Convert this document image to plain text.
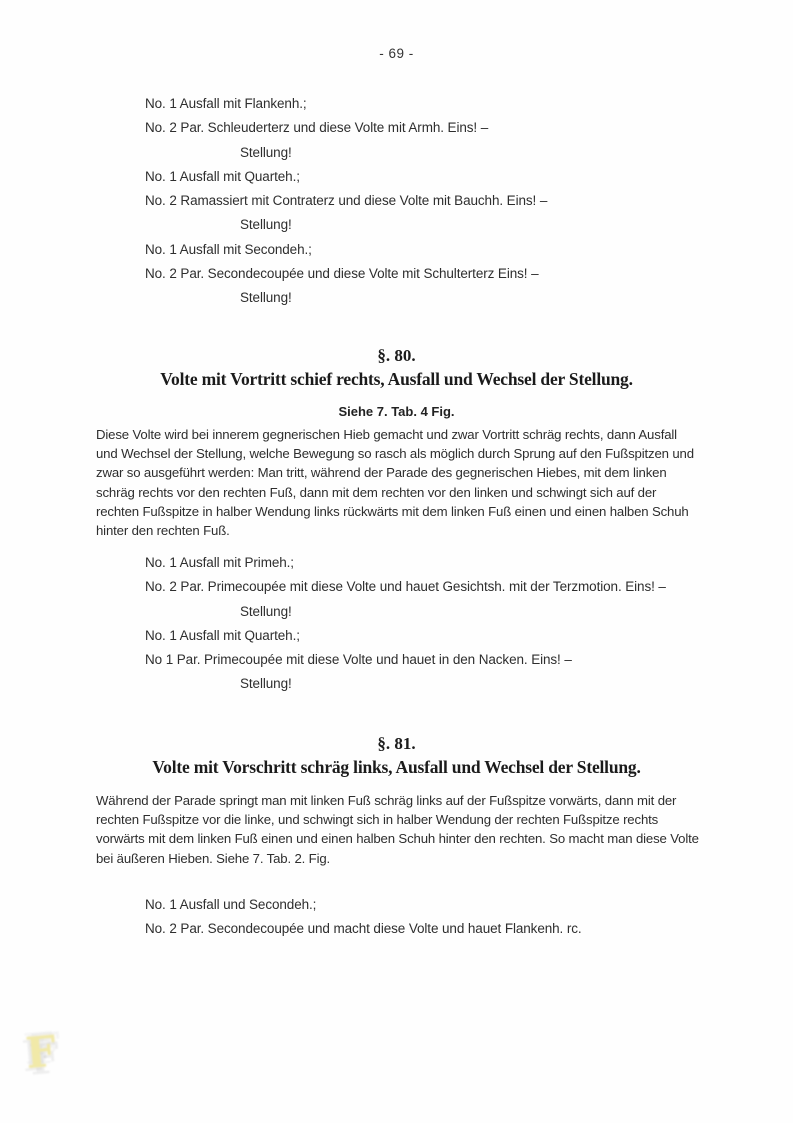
- 69 -
No. 1 Ausfall mit Flankenh.;
No. 2 Par. Schleuderterz und diese Volte mit Armh. Eins! –
Stellung!
No. 1 Ausfall mit Quarteh.;
No. 2 Ramassiert mit Contraterz und diese Volte mit Bauchh. Eins! –
Stellung!
No. 1 Ausfall mit Secondeh.;
No. 2 Par. Secondecoupée und diese Volte mit Schulterterz Eins! –
Stellung!
§. 80.
Volte mit Vortritt schief rechts, Ausfall und Wechsel der Stellung.
Siehe 7. Tab. 4 Fig.
Diese Volte wird bei innerem gegnerischen Hieb gemacht und zwar Vortritt schräg rechts, dann Ausfall und Wechsel der Stellung, welche Bewegung so rasch als möglich durch Sprung auf den Fußspitzen und zwar so ausgeführt werden: Man tritt, während der Parade des gegnerischen Hiebes, mit dem linken schräg rechts vor den rechten Fuß, dann mit dem rechten vor den linken und schwingt sich auf der rechten Fußspitze in halber Wendung links rückwärts mit dem linken Fuß einen und einen halben Schuh hinter den rechten Fuß.
No. 1 Ausfall mit Primeh.;
No. 2 Par. Primecoupée mit diese Volte und hauet Gesichtsh. mit der Terzmotion. Eins! –
Stellung!
No. 1 Ausfall mit Quarteh.;
No 1 Par. Primecoupée mit diese Volte und hauet in den Nacken. Eins! –
Stellung!
§. 81.
Volte mit Vorschritt schräg links, Ausfall und Wechsel der Stellung.
Während der Parade springt man mit linken Fuß schräg links auf der Fußspitze vorwärts, dann mit der rechten Fußspitze vor die linke, und schwingt sich in halber Wendung der rechten Fußspitze rechts vorwärts mit dem linken Fuß einen und einen halben Schuh hinter den rechten. So macht man diese Volte bei äußeren Hieben. Siehe 7. Tab. 2. Fig.
No. 1 Ausfall und Secondeh.;
No. 2 Par. Secondecoupée und macht diese Volte und hauet Flankenh. rc.
F
